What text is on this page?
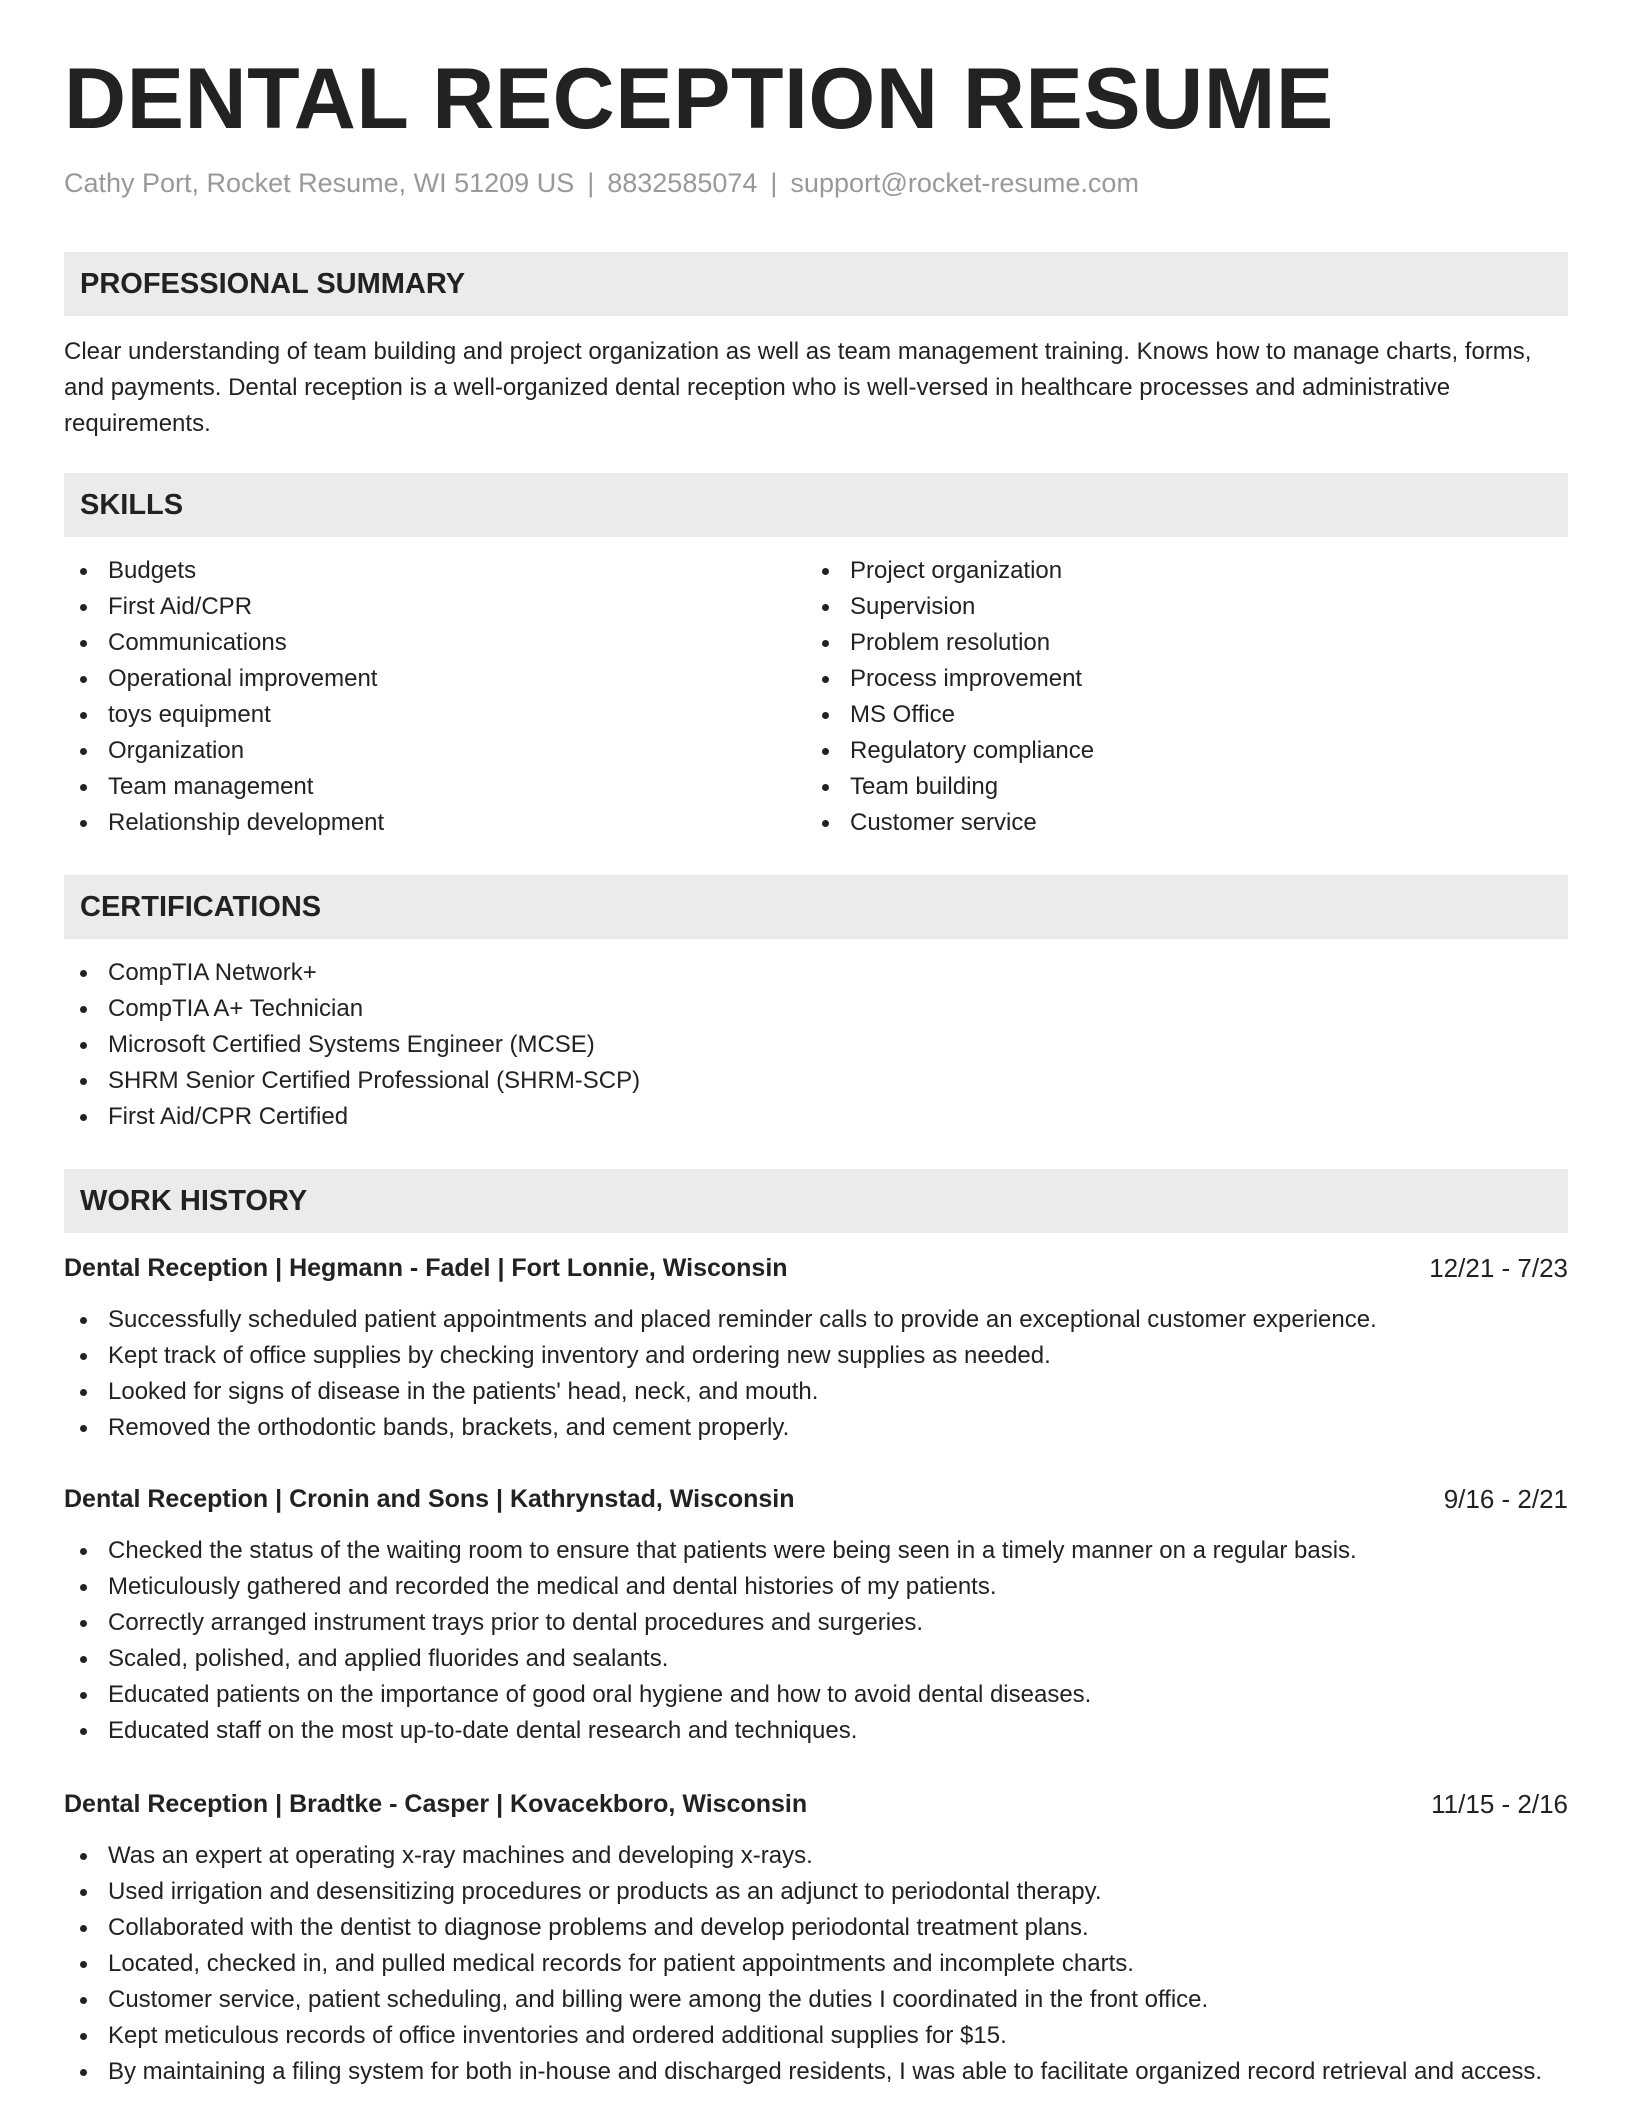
DENTAL RECEPTION RESUME
Cathy Port, Rocket Resume, WI 51209 US | 8832585074 | support@rocket-resume.com
PROFESSIONAL SUMMARY

Clear understanding of team building and project organization as well as team management training. Knows how to manage charts, forms, and payments. Dental reception is a well-organized dental reception who is well-versed in healthcare processes and administrative requirements.

SKILLS
Budgets
First Aid/CPR
Communications
Operational improvement
toys equipment
Organization
Team management
Relationship development
Project organization
Supervision
Problem resolution
Process improvement
MS Office
Regulatory compliance
Team building
Customer service
CERTIFICATIONS
CompTIA Network+
CompTIA A+ Technician
Microsoft Certified Systems Engineer (MCSE)
SHRM Senior Certified Professional (SHRM-SCP)
First Aid/CPR Certified
WORK HISTORY
Dental Reception | Hegmann - Fadel | Fort Lonnie, Wisconsin	12/21 - 7/23
Successfully scheduled patient appointments and placed reminder calls to provide an exceptional customer experience.
Kept track of office supplies by checking inventory and ordering new supplies as needed.
Looked for signs of disease in the patients' head, neck, and mouth.
Removed the orthodontic bands, brackets, and cement properly.
Dental Reception | Cronin and Sons | Kathrynstad, Wisconsin	9/16 - 2/21
Checked the status of the waiting room to ensure that patients were being seen in a timely manner on a regular basis.
Meticulously gathered and recorded the medical and dental histories of my patients.
Correctly arranged instrument trays prior to dental procedures and surgeries.
Scaled, polished, and applied fluorides and sealants.
Educated patients on the importance of good oral hygiene and how to avoid dental diseases.
Educated staff on the most up-to-date dental research and techniques.
Dental Reception | Bradtke - Casper | Kovacekboro, Wisconsin	11/15 - 2/16
Was an expert at operating x-ray machines and developing x-rays.
Used irrigation and desensitizing procedures or products as an adjunct to periodontal therapy.
Collaborated with the dentist to diagnose problems and develop periodontal treatment plans.
Located, checked in, and pulled medical records for patient appointments and incomplete charts.
Customer service, patient scheduling, and billing were among the duties I coordinated in the front office.
Kept meticulous records of office inventories and ordered additional supplies for $15.
By maintaining a filing system for both in-house and discharged residents, I was able to facilitate organized record retrieval and access.
